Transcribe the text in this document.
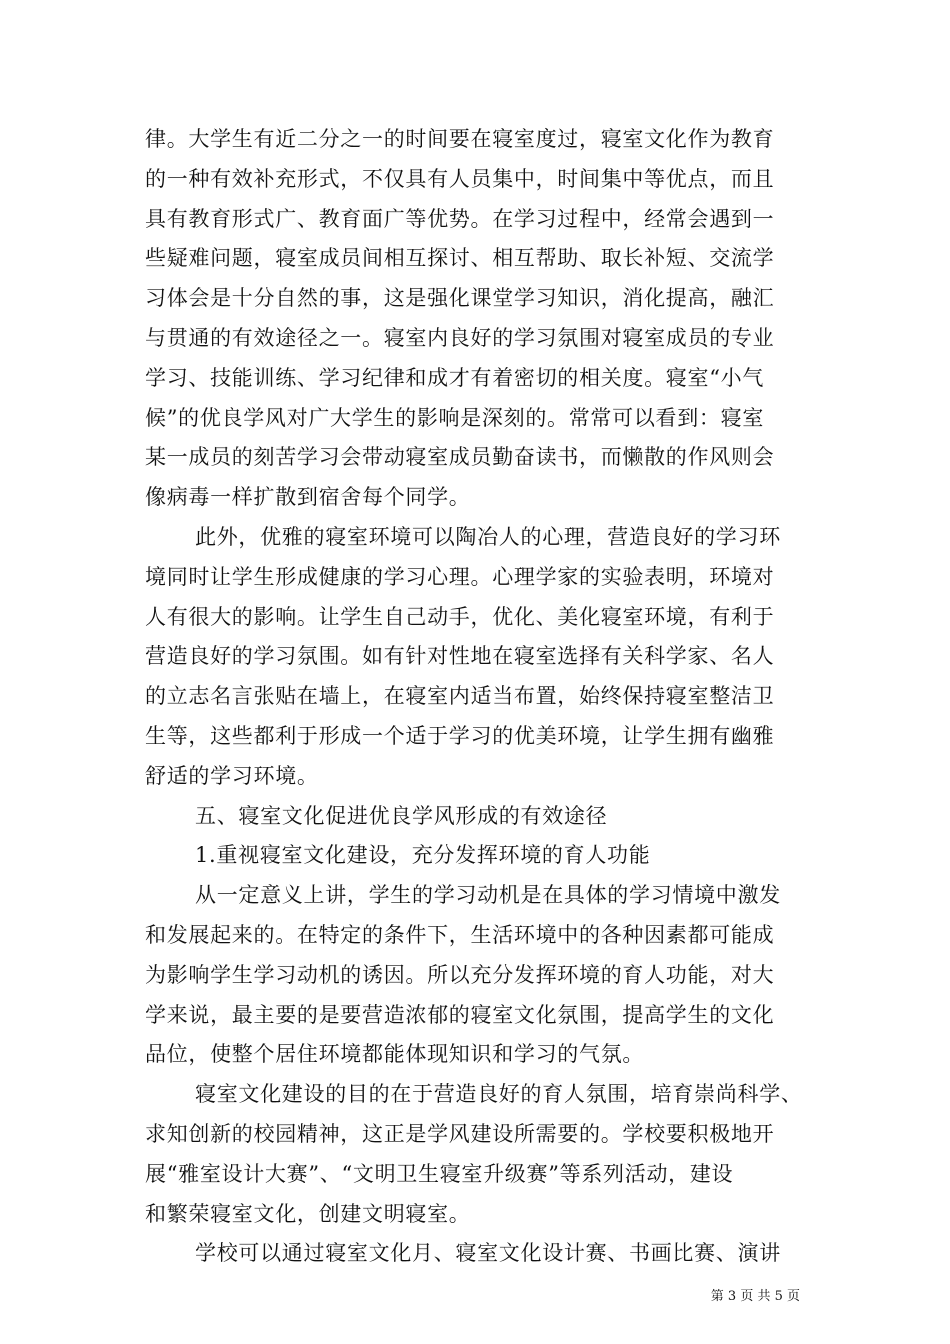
律。大学生有近二分之一的时间要在寝室度过，寝室文化作为教育
的一种有效补充形式，不仅具有人员集中，时间集中等优点，而且
具有教育形式广、教育面广等优势。在学习过程中，经常会遇到一
些疑难问题，寝室成员间相互探讨、相互帮助、取长补短、交流学
习体会是十分自然的事，这是强化课堂学习知识，消化提高，融汇
与贯通的有效途径之一。寝室内良好的学习氛围对寝室成员的专业
学习、技能训练、学习纪律和成才有着密切的相关度。寝室“小气
候”的优良学风对广大学生的影响是深刻的。常常可以看到：寝室
某一成员的刻苦学习会带动寝室成员勤奋读书，而懒散的作风则会
像病毒一样扩散到宿舍每个同学。
此外，优雅的寝室环境可以陶冶人的心理，营造良好的学习环
境同时让学生形成健康的学习心理。心理学家的实验表明，环境对
人有很大的影响。让学生自己动手，优化、美化寝室环境，有利于
营造良好的学习氛围。如有针对性地在寝室选择有关科学家、名人
的立志名言张贴在墙上，在寝室内适当布置，始终保持寝室整洁卫
生等，这些都利于形成一个适于学习的优美环境，让学生拥有幽雅
舒适的学习环境。
五、寝室文化促进优良学风形成的有效途径
1.重视寝室文化建设，充分发挥环境的育人功能
从一定意义上讲，学生的学习动机是在具体的学习情境中激发
和发展起来的。在特定的条件下，生活环境中的各种因素都可能成
为影响学生学习动机的诱因。所以充分发挥环境的育人功能，对大
学来说，最主要的是要营造浓郁的寝室文化氛围，提高学生的文化
品位，使整个居住环境都能体现知识和学习的气氛。
寝室文化建设的目的在于营造良好的育人氛围，培育崇尚科学、
求知创新的校园精神，这正是学风建设所需要的。学校要积极地开
展“雅室设计大赛”、“文明卫生寝室升级赛”等系列活动，建设
和繁荣寝室文化，创建文明寝室。
学校可以通过寝室文化月、寝室文化设计赛、书画比赛、演讲
第 3 页 共 5 页
